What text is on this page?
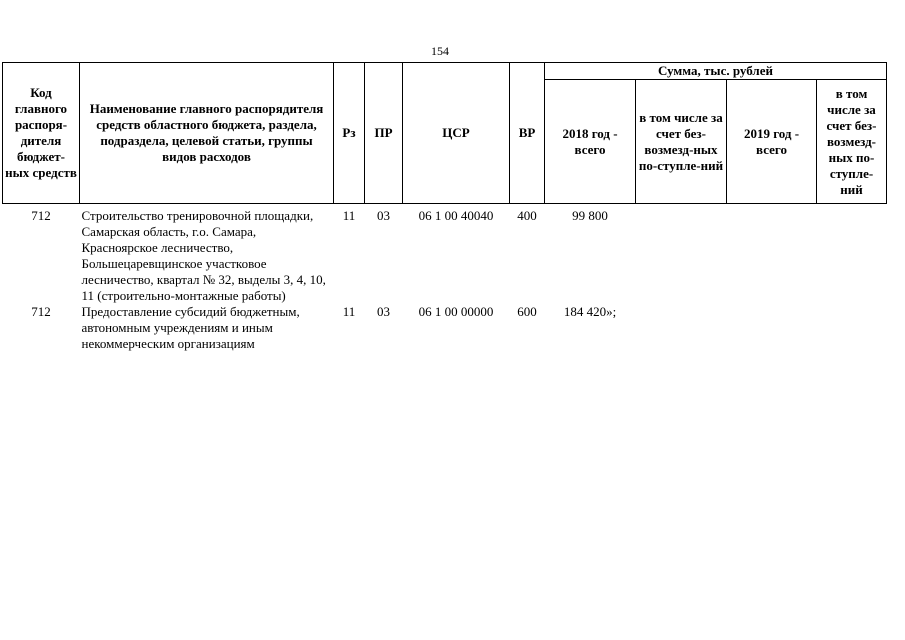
154
Код главного распоря-дителя бюджет-ных средств	Наименование главного распорядителя средств областного бюджета, раздела, подраздела, целевой статьи, группы видов расходов	Рз	ПР	ЦСР	ВР	Сумма, тыс. рублей			
						2018 год - всего	в том числе за счет без-возмезд-ных по-ступле-ний	2019 год - всего	в том числе за счет без-возмезд-ных по-ступле-ний
712	Строительство тренировочной площадки, Самарская область, г.о. Самара, Красноярское лесничество, Большецаревщинское участковое лесничество, квартал № 32, выделы 3, 4, 10, 11 (строительно-монтажные работы)	11	03	06 1 00 40040	400	99 800			
712	Предоставление субсидий бюджетным, автономным учреждениям и иным некоммерческим организациям	11	03	06 1 00 00000	600	184 420»;			
